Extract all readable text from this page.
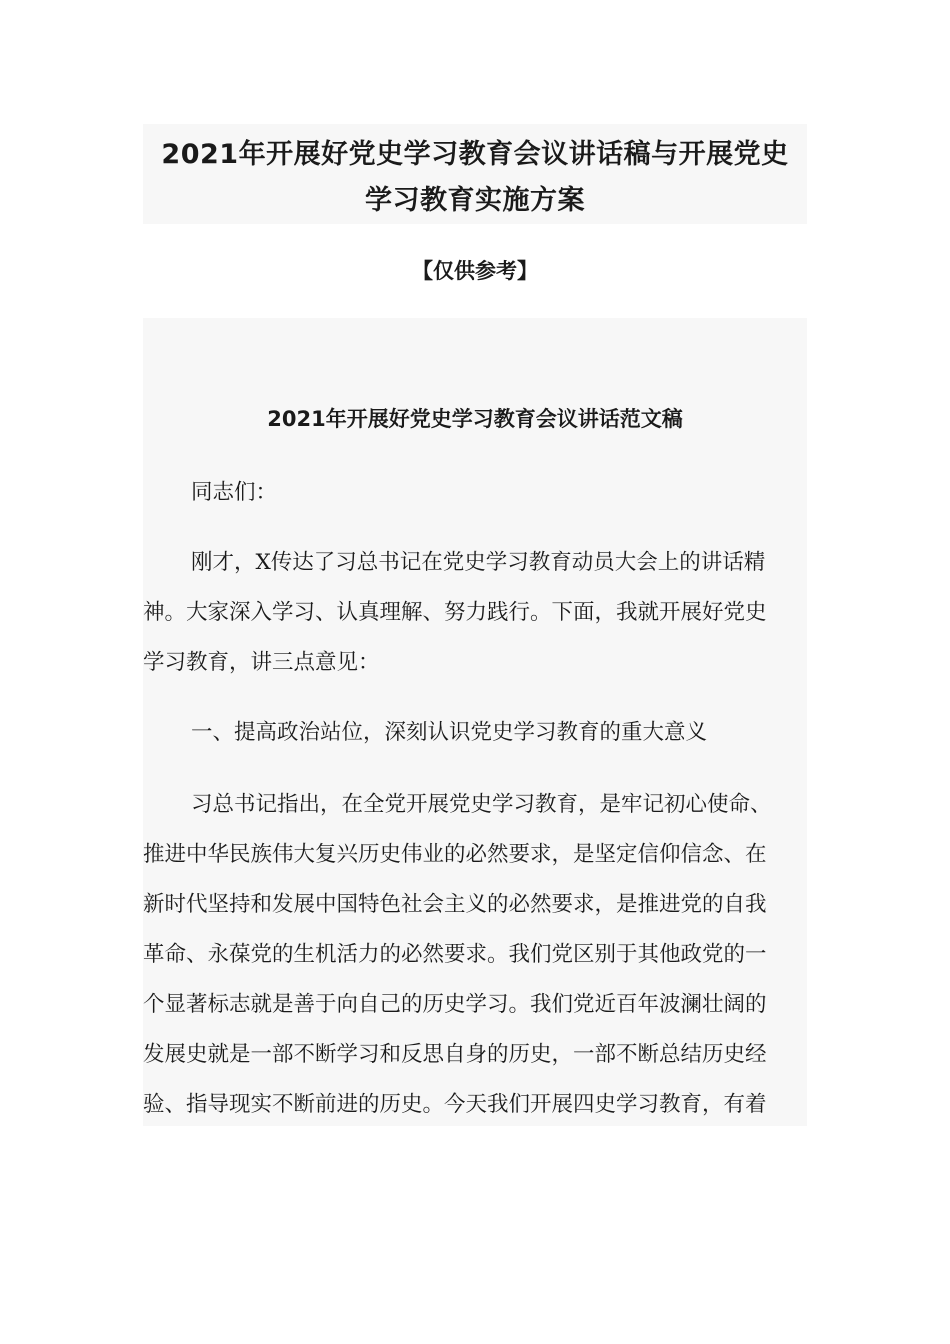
2021年开展好党史学习教育会议讲话稿与开展党史
学习教育实施方案
【仅供参考】
2021年开展好党史学习教育会议讲话范文稿
同志们：
刚才，X传达了习总书记在党史学习教育动员大会上的讲话精
神。大家深入学习、认真理解、努力践行。下面，我就开展好党史
学习教育，讲三点意见：
一、提高政治站位，深刻认识党史学习教育的重大意义
习总书记指出，在全党开展党史学习教育，是牢记初心使命、
推进中华民族伟大复兴历史伟业的必然要求，是坚定信仰信念、在
新时代坚持和发展中国特色社会主义的必然要求，是推进党的自我
革命、永葆党的生机活力的必然要求。我们党区别于其他政党的一
个显著标志就是善于向自己的历史学习。我们党近百年波澜壮阔的
发展史就是一部不断学习和反思自身的历史，一部不断总结历史经
验、指导现实不断前进的历史。今天我们开展四史学习教育，有着
